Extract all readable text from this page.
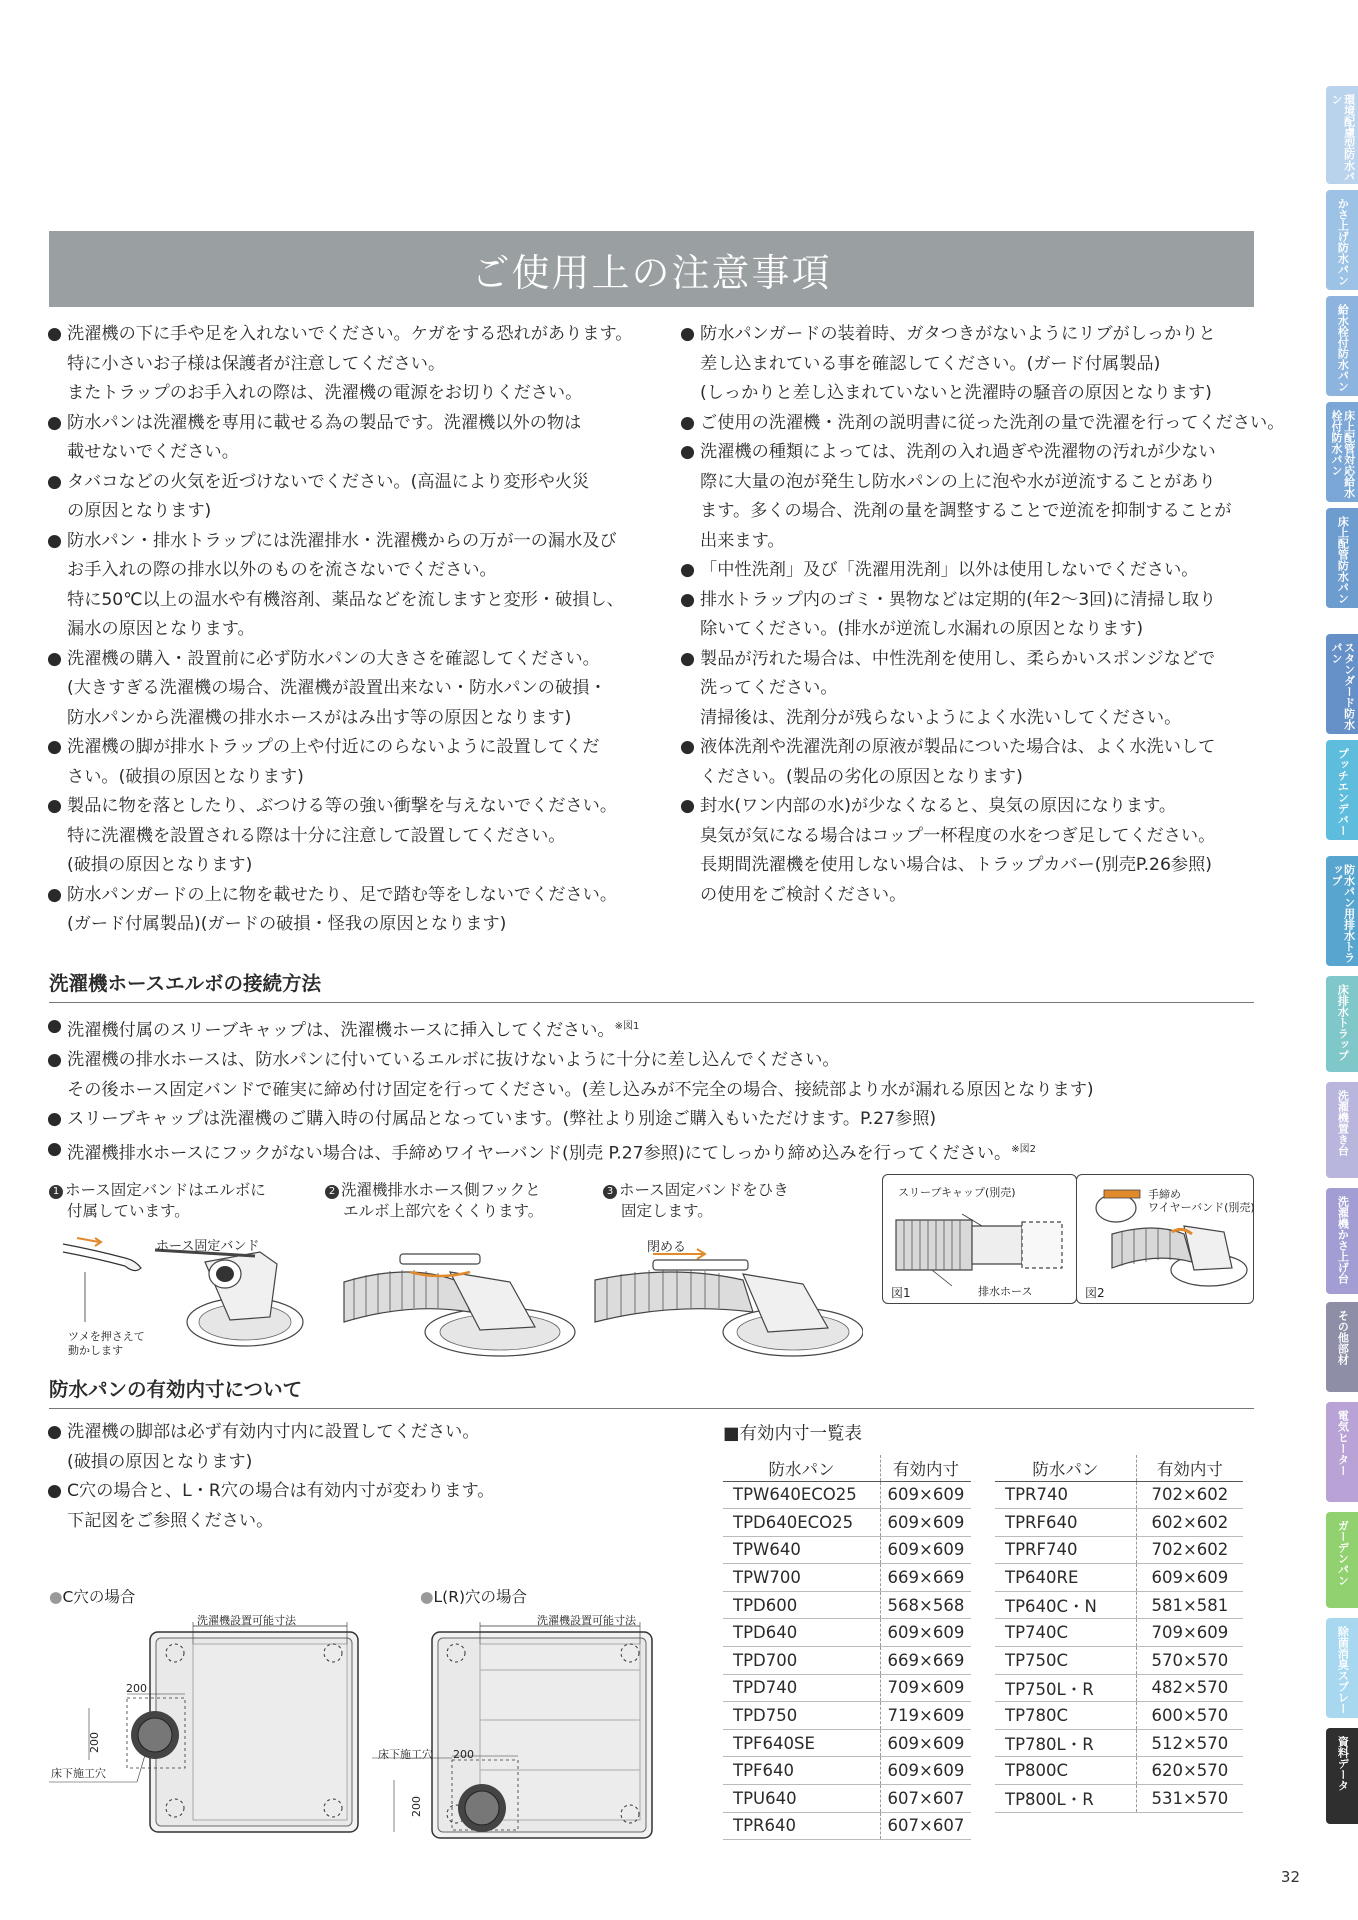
環境配慮型防水パン
かさ上げ防水パン
給水栓付防水パン
床上配管対応給水栓付防水パン
床上配管防水パン
スタンダード防水パン
プッチエンデバー
防水パン用排水トラップ
床排水トラップ
洗濯機置き台
洗濯機かさ上げ台
その他部材
電気ヒーター
ガーデンパン
除菌消臭スプレー
資料データ
ご使用上の注意事項
● 洗濯機の下に手や足を入れないでください。ケガをする恐れがあります。
特に小さいお子様は保護者が注意してください。
またトラップのお手入れの際は、洗濯機の電源をお切りください。
● 防水パンは洗濯機を専用に載せる為の製品です。洗濯機以外の物は
載せないでください。
● タバコなどの火気を近づけないでください。(高温により変形や火災
の原因となります)
● 防水パン・排水トラップには洗濯排水・洗濯機からの万が一の漏水及び
お手入れの際の排水以外のものを流さないでください。
特に50℃以上の温水や有機溶剤、薬品などを流しますと変形・破損し、
漏水の原因となります。
● 洗濯機の購入・設置前に必ず防水パンの大きさを確認してください。
(大きすぎる洗濯機の場合、洗濯機が設置出来ない・防水パンの破損・
防水パンから洗濯機の排水ホースがはみ出す等の原因となります)
● 洗濯機の脚が排水トラップの上や付近にのらないように設置してくだ
さい。(破損の原因となります)
● 製品に物を落としたり、ぶつける等の強い衝撃を与えないでください。
特に洗濯機を設置される際は十分に注意して設置してください。
(破損の原因となります)
● 防水パンガードの上に物を載せたり、足で踏む等をしないでください。
(ガード付属製品)(ガードの破損・怪我の原因となります)
● 防水パンガードの装着時、ガタつきがないようにリブがしっかりと
差し込まれている事を確認してください。(ガード付属製品)
(しっかりと差し込まれていないと洗濯時の騒音の原因となります)
● ご使用の洗濯機・洗剤の説明書に従った洗剤の量で洗濯を行ってください。
● 洗濯機の種類によっては、洗剤の入れ過ぎや洗濯物の汚れが少ない
際に大量の泡が発生し防水パンの上に泡や水が逆流することがあり
ます。多くの場合、洗剤の量を調整することで逆流を抑制することが
出来ます。
● 「中性洗剤」及び「洗濯用洗剤」以外は使用しないでください。
● 排水トラップ内のゴミ・異物などは定期的(年2〜3回)に清掃し取り
除いてください。(排水が逆流し水漏れの原因となります)
● 製品が汚れた場合は、中性洗剤を使用し、柔らかいスポンジなどで
洗ってください。
清掃後は、洗剤分が残らないようによく水洗いしてください。
● 液体洗剤や洗濯洗剤の原液が製品についた場合は、よく水洗いして
ください。(製品の劣化の原因となります)
● 封水(ワン内部の水)が少なくなると、臭気の原因になります。
臭気が気になる場合はコップ一杯程度の水をつぎ足してください。
長期間洗濯機を使用しない場合は、トラップカバー(別売P.26参照)
の使用をご検討ください。
洗濯機ホースエルボの接続方法
● 洗濯機付属のスリーブキャップは、洗濯機ホースに挿入してください。$^{※図1}$
● 洗濯機の排水ホースは、防水パンに付いているエルボに抜けないように十分に差し込んでください。
その後ホース固定バンドで確実に締め付け固定を行ってください。(差し込みが不完全の場合、接続部より水が漏れる原因となります)
● スリーブキャップは洗濯機のご購入時の付属品となっています。(弊社より別途ご購入もいただけます。P.27参照)
● 洗濯機排水ホースにフックがない場合は、手締めワイヤーバンド(別売 P.27参照)にてしっかり締め込みを行ってください。$^{※図2}$
1 ホース固定バンドはエルボに
付属しています。
2 洗濯機排水ホース側フックと
エルボ上部穴をくくります。
3 ホース固定バンドをひき
固定します。
ホース固定バンド
ツメを押さえて
動かします
閉める
スリーブキャップ(別売)
排水ホース
図1
手締め
ワイヤーバンド(別売)
図2
防水パンの有効内寸について
● 洗濯機の脚部は必ず有効内寸内に設置してください。
(破損の原因となります)
● C穴の場合と、L・R穴の場合は有効内寸が変わります。
下記図をご参照ください。
■有効内寸一覧表
防水パン	有効内寸
TPW640ECO25	609×609
TPD640ECO25	609×609
TPW640	609×609
TPW700	669×669
TPD600	568×568
TPD640	609×609
TPD700	669×669
TPD740	709×609
TPD750	719×609
TPF640SE	609×609
TPF640	609×609
TPU640	607×607
TPR640	607×607
防水パン	有効内寸
TPR740	702×602
TPRF640	602×602
TPRF740	702×602
TP640RE	609×609
TP640C・N	581×581
TP740C	709×609
TP750C	570×570
TP750L・R	482×570
TP780C	600×570
TP780L・R	512×570
TP800C	620×570
TP800L・R	531×570
●C穴の場合
洗濯機設置可能寸法
200
200
床下施工穴
●L(R)穴の場合
洗濯機設置可能寸法
床下施工穴 200
200
32
